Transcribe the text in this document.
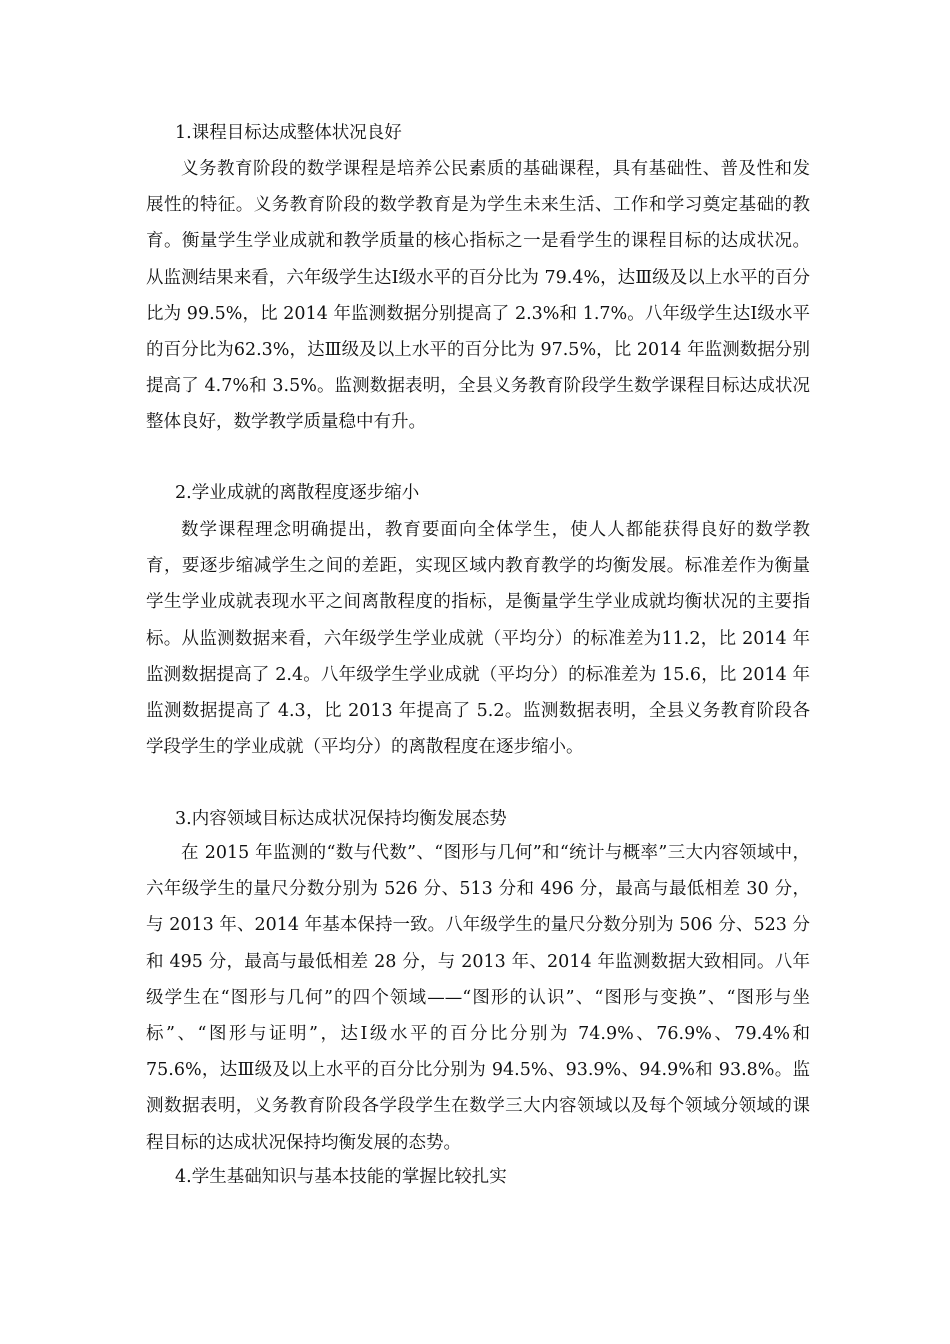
1.课程目标达成整体状况良好
义务教育阶段的数学课程是培养公民素质的基础课程，具有基础性、普及性和发展性的特征。义务教育阶段的数学教育是为学生未来生活、工作和学习奠定基础的教育。衡量学生学业成就和教学质量的核心指标之一是看学生的课程目标的达成状况。从监测结果来看，六年级学生达Ⅰ级水平的百分比为 79.4%，达Ⅲ级及以上水平的百分比为 99.5%，比 2014 年监测数据分别提高了 2.3%和 1.7%。八年级学生达Ⅰ级水平的百分比为62.3%，达Ⅲ级及以上水平的百分比为 97.5%，比 2014 年监测数据分别提高了 4.7%和 3.5%。监测数据表明，全县义务教育阶段学生数学课程目标达成状况整体良好，数学教学质量稳中有升。
2.学业成就的离散程度逐步缩小
数学课程理念明确提出，教育要面向全体学生，使人人都能获得良好的数学教育，要逐步缩减学生之间的差距，实现区域内教育教学的均衡发展。标准差作为衡量学生学业成就表现水平之间离散程度的指标，是衡量学生学业成就均衡状况的主要指标。从监测数据来看，六年级学生学业成就（平均分）的标准差为11.2，比 2014 年监测数据提高了 2.4。八年级学生学业成就（平均分）的标准差为 15.6，比 2014 年监测数据提高了 4.3，比 2013 年提高了 5.2。监测数据表明，全县义务教育阶段各学段学生的学业成就（平均分）的离散程度在逐步缩小。
3.内容领域目标达成状况保持均衡发展态势
在 2015 年监测的“数与代数”、“图形与几何”和“统计与概率”三大内容领域中，六年级学生的量尺分数分别为 526 分、513 分和 496 分，最高与最低相差 30 分，与 2013 年、2014 年基本保持一致。八年级学生的量尺分数分别为 506 分、523 分和 495 分，最高与最低相差 28 分，与 2013 年、2014 年监测数据大致相同。八年级学生在“图形与几何”的四个领域——“图形的认识”、“图形与变换”、“图形与坐标”、“图形与证明”，达Ⅰ级水平的百分比分别为 74.9%、76.9%、79.4%和 75.6%，达Ⅲ级及以上水平的百分比分别为 94.5%、93.9%、94.9%和 93.8%。监测数据表明，义务教育阶段各学段学生在数学三大内容领域以及每个领域分领域的课程目标的达成状况保持均衡发展的态势。
4.学生基础知识与基本技能的掌握比较扎实
